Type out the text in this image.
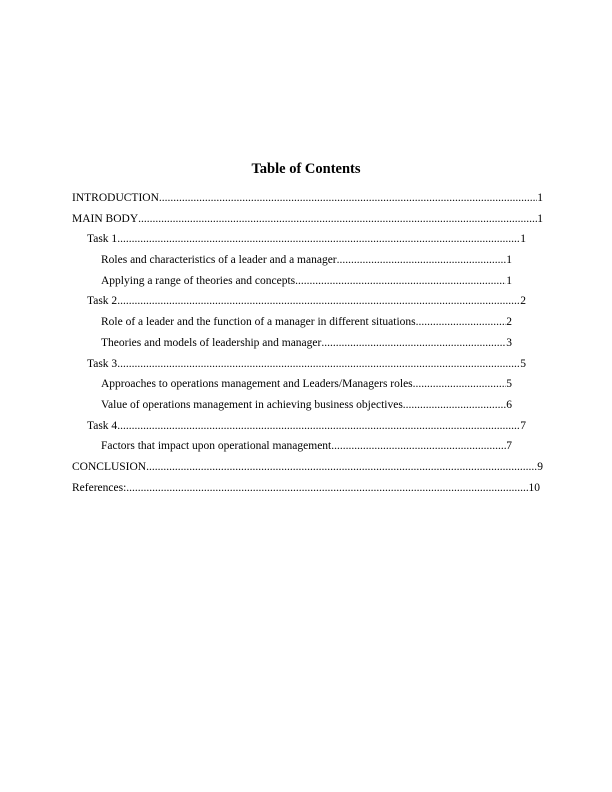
Table of Contents
INTRODUCTION .....	1
MAIN BODY .....	1
Task 1 .....	1
Roles and characteristics of a leader and a manager .....	1
Applying a range of theories and concepts .....	1
Task 2 .....	2
Role of a leader and the function of a manager in different situations .....	2
Theories and models of leadership and manager .....	3
Task 3 .....	5
Approaches to operations management and Leaders/Managers roles .....	5
Value of operations management in achieving business objectives .....	6
Task 4 .....	7
Factors that impact upon operational management .....	7
CONCLUSION .....	9
References: .....	10
